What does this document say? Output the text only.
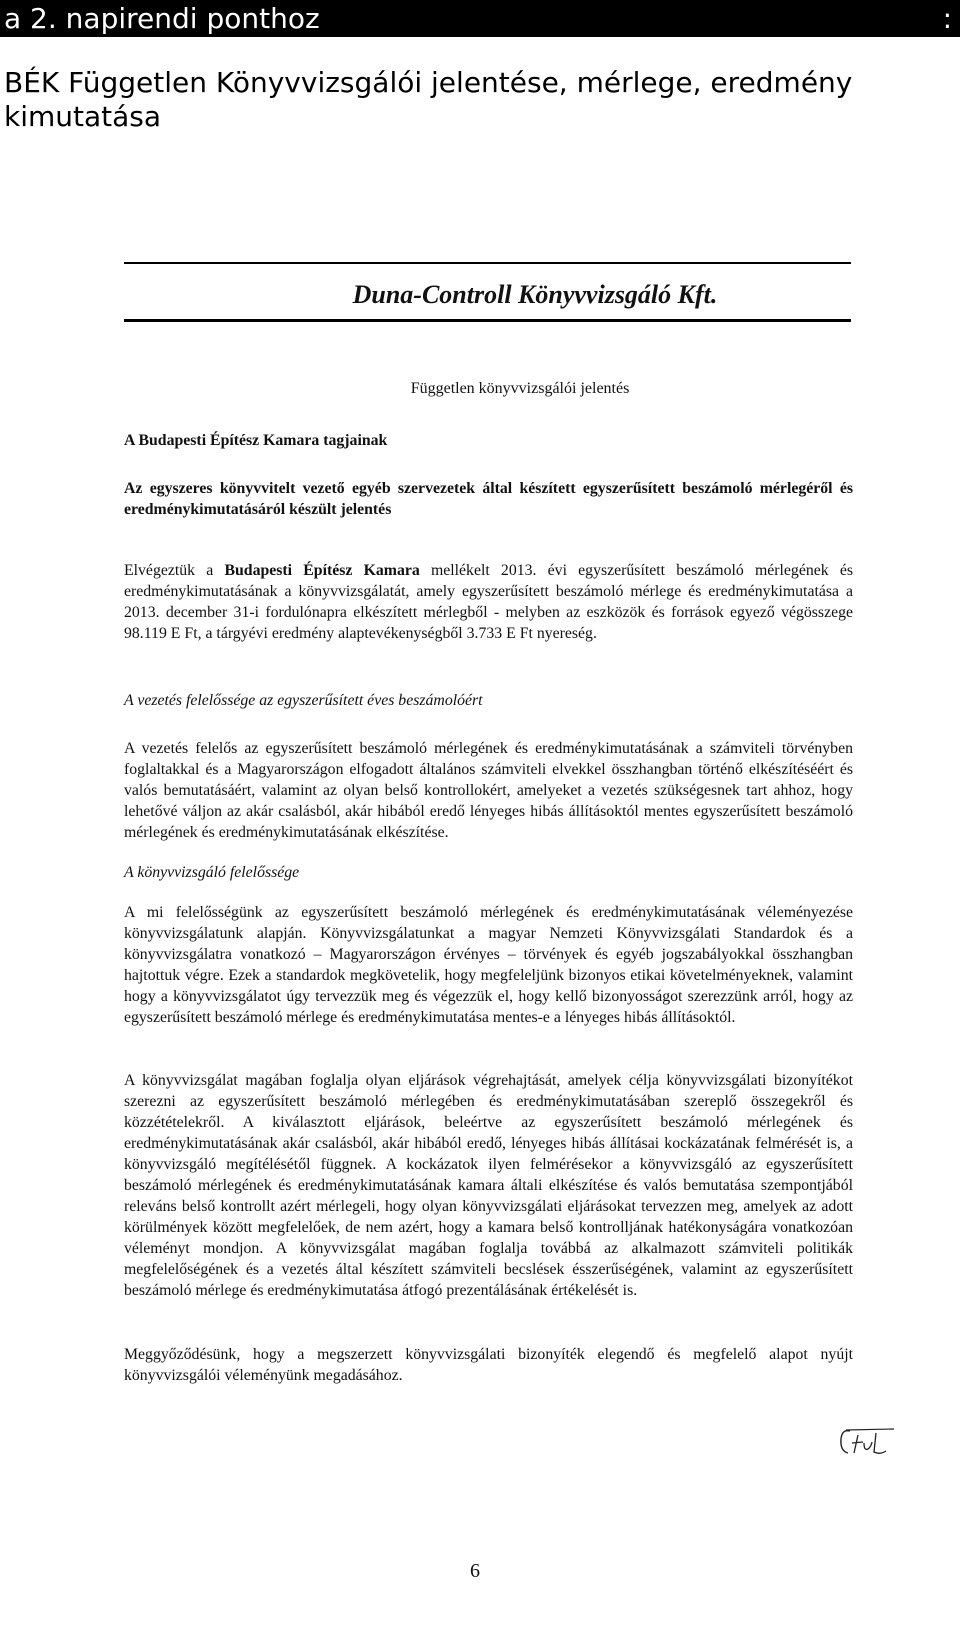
a 2. napirendi ponthoz	:
BÉK Független Könyvvizsgálói jelentése, mérlege, eredmény kimutatása
Duna-Controll Könyvvizsgáló Kft.
Független könyvvizsgálói jelentés
A Budapesti Építész Kamara tagjainak
Az egyszeres könyvvitelt vezető egyéb szervezetek által készített egyszerűsített beszámoló mérlegéről és eredménykimutatásáról készült jelentés
Elvégeztük a Budapesti Építész Kamara mellékelt 2013. évi egyszerűsített beszámoló mérlegének és eredménykimutatásának a könyvvizsgálatát, amely egyszerűsített beszámoló mérlege és eredménykimutatása a 2013. december 31-i fordulónapra elkészített mérlegből - melyben az eszközök és források egyező végösszege 98.119 E Ft, a tárgyévi eredmény alaptevékenységből 3.733 E Ft nyereség.
A vezetés felelőssége az egyszerűsített éves beszámolóért
A vezetés felelős az egyszerűsített beszámoló mérlegének és eredménykimutatásának a számviteli törvényben foglaltakkal és a Magyarországon elfogadott általános számviteli elvekkel összhangban történő elkészítéséért és valós bemutatásáért, valamint az olyan belső kontrollokért, amelyeket a vezetés szükségesnek tart ahhoz, hogy lehetővé váljon az akár csalásból, akár hibából eredő lényeges hibás állításoktól mentes egyszerűsített beszámoló mérlegének és eredménykimutatásának elkészítése.
A könyvvizsgáló felelőssége
A mi felelősségünk az egyszerűsített beszámoló mérlegének és eredménykimutatásának véleményezése könyvvizsgálatunk alapján. Könyvvizsgálatunkat a magyar Nemzeti Könyvvizsgálati Standardok és a könyvvizsgálatra vonatkozó – Magyarországon érvényes – törvények és egyéb jogszabályokkal összhangban hajtottuk végre. Ezek a standardok megkövetelik, hogy megfeleljünk bizonyos etikai követelményeknek, valamint hogy a könyvvizsgálatot úgy tervezzük meg és végezzük el, hogy kellő bizonyosságot szerezzünk arról, hogy az egyszerűsített beszámoló mérlege és eredménykimutatása mentes-e a lényeges hibás állításoktól.
A könyvvizsgálat magában foglalja olyan eljárások végrehajtását, amelyek célja könyvvizsgálati bizonyítékot szerezni az egyszerűsített beszámoló mérlegében és eredménykimutatásában szereplő összegekről és közzétételekről. A kiválasztott eljárások, beleértve az egyszerűsített beszámoló mérlegének és eredménykimutatásának akár csalásból, akár hibából eredő, lényeges hibás állításai kockázatának felmérését is, a könyvvizsgáló megítélésétől függnek. A kockázatok ilyen felmérésekor a könyvvizsgáló az egyszerűsített beszámoló mérlegének és eredménykimutatásának kamara általi elkészítése és valós bemutatása szempontjából releváns belső kontrollt azért mérlegeli, hogy olyan könyvvizsgálati eljárásokat tervezzen meg, amelyek az adott körülmények között megfelelőek, de nem azért, hogy a kamara belső kontrolljának hatékonyságára vonatkozóan véleményt mondjon. A könyvvizsgálat magában foglalja továbbá az alkalmazott számviteli politikák megfelelőségének és a vezetés által készített számviteli becslések ésszerűségének, valamint az egyszerűsített beszámoló mérlege és eredménykimutatása átfogó prezentálásának értékelését is.
Meggyőződésünk, hogy a megszerzett könyvvizsgálati bizonyíték elegendő és megfelelő alapot nyújt könyvvizsgálói véleményünk megadásához.
6
